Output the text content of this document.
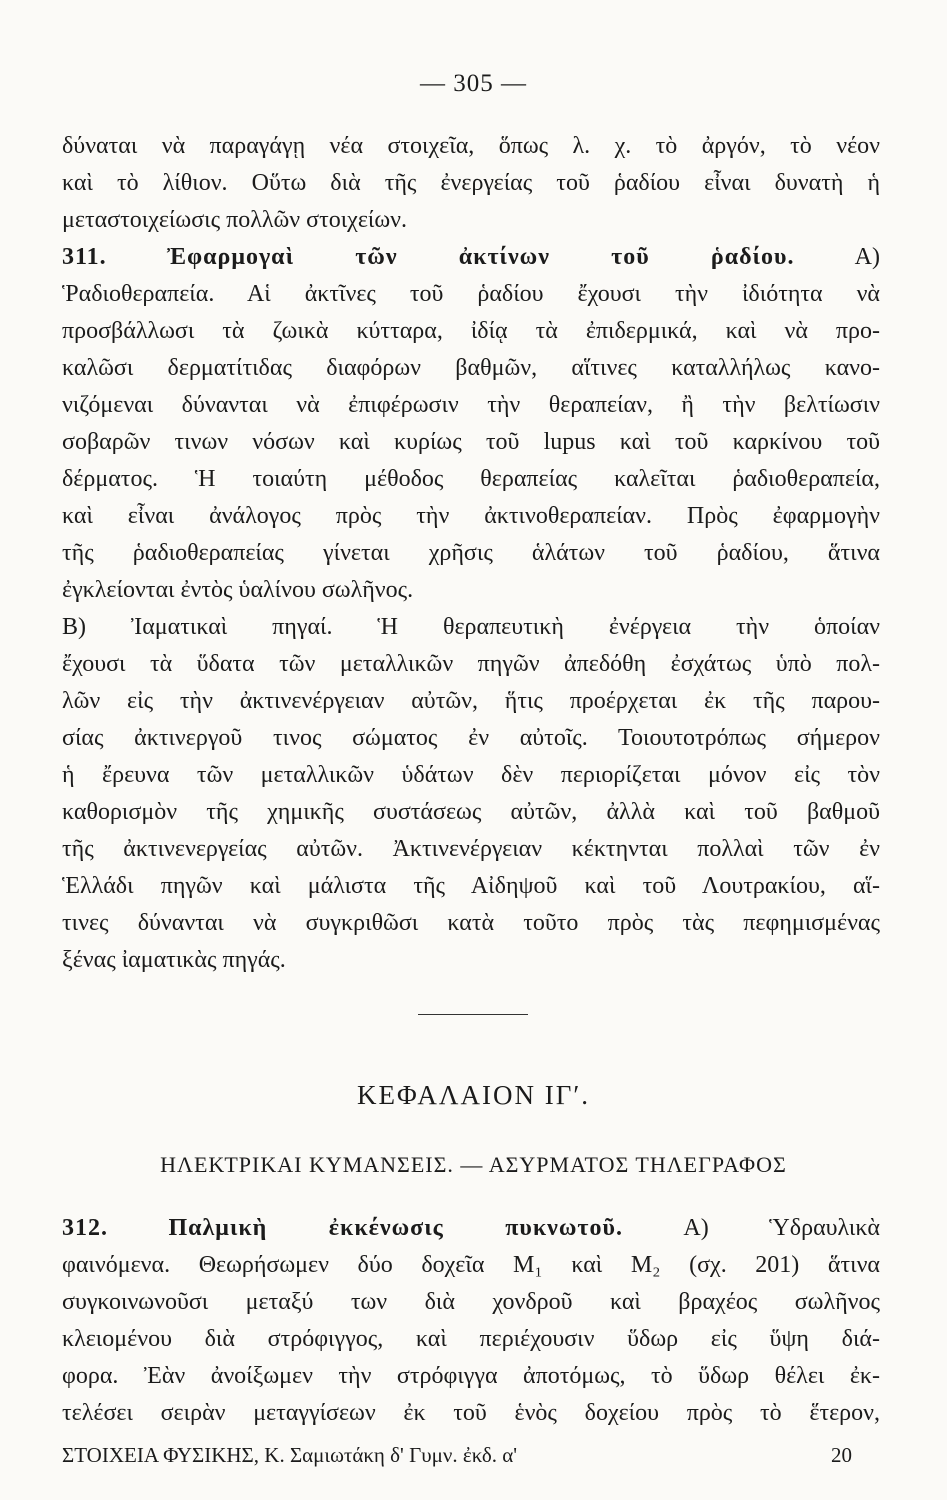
— 305 —
δύναται νὰ παραγάγῃ νέα στοιχεῖα, ὅπως λ. χ. τὸ ἀργόν, τὸ νέον
καὶ τὸ λίθιον. Οὕτω διὰ τῆς ἐνεργείας τοῦ ῥαδίου εἶναι δυνατὴ ἡ
μεταστοιχείωσις πολλῶν στοιχείων.
311.	Ἐφαρμογαὶ τῶν ἀκτίνων τοῦ ῥαδίου.	A)
Ῥαδιοθεραπεία. Αἱ ἀκτῖνες τοῦ ῥαδίου ἔχουσι τὴν ἰδιότητα νὰ
προσβάλλωσι τὰ ζωικὰ κύτταρα, ἰδίᾳ τὰ ἐπιδερμικά, καὶ νὰ προ-
καλῶσι δερματίτιδας διαφόρων βαθμῶν, αἵτινες καταλλήλως κανο-
νιζόμεναι δύνανται νὰ ἐπιφέρωσιν τὴν θεραπείαν, ἢ τὴν βελτίωσιν
σοβαρῶν τινων νόσων καὶ κυρίως τοῦ lupus καὶ τοῦ καρκίνου τοῦ
δέρματος. Ἡ τοιαύτη μέθοδος θεραπείας καλεῖται ῥαδιοθεραπεία,
καὶ εἶναι ἀνάλογος πρὸς τὴν ἀκτινοθεραπείαν. Πρὸς ἐφαρμογὴν
τῆς ῥαδιοθεραπείας γίνεται χρῆσις ἁλάτων τοῦ ῥαδίου, ἅτινα
ἐγκλείονται ἐντὸς ὑαλίνου σωλῆνος.
Β) Ἰαματικαὶ πηγαί. Ἡ θεραπευτικὴ ἐνέργεια τὴν ὁποίαν
ἔχουσι τὰ ὕδατα τῶν μεταλλικῶν πηγῶν ἀπεδόθη ἐσχάτως ὑπὸ πολ-
λῶν εἰς τὴν ἀκτινενέργειαν αὐτῶν, ἥτις προέρχεται ἐκ τῆς παρου-
σίας ἀκτινεργοῦ τινος σώματος ἐν αὐτοῖς. Τοιουτοτρόπως σήμερον
ἡ ἔρευνα τῶν μεταλλικῶν ὑδάτων δὲν περιορίζεται μόνον εἰς τὸν
καθορισμὸν τῆς χημικῆς συστάσεως αὐτῶν, ἀλλὰ καὶ τοῦ βαθμοῦ
τῆς ἀκτινενεργείας αὐτῶν. Ἀκτινενέργειαν κέκτηνται πολλαὶ τῶν ἐν
Ἑλλάδι πηγῶν καὶ μάλιστα τῆς Αἰδηψοῦ καὶ τοῦ Λουτρακίου, αἵ-
τινες δύνανται νὰ συγκριθῶσι κατὰ τοῦτο πρὸς τὰς πεφημισμένας
ξένας ἰαματικὰς πηγάς.
ΚΕΦΑΛΑΙΟΝ ΙΓʹ.
ΗΛΕΚΤΡΙΚΑΙ ΚΥΜΑΝΣΕΙΣ. — ΑΣΥΡΜΑΤΟΣ ΤΗΛΕΓΡΑΦΟΣ
312.	Παλμικὴ ἐκκένωσις πυκνωτοῦ.	A) Ὑδραυλικὰ
φαινόμενα. Θεωρήσωμεν δύο δοχεῖα Μ₁ καὶ Μ₂ (σχ. 201) ἅτινα
συγκοινωνοῦσι μεταξύ των διὰ χονδροῦ καὶ βραχέος σωλῆνος
κλειομένου διὰ στρόφιγγος, καὶ περιέχουσιν ὕδωρ εἰς ὕψη διά-
φορα. Ἐὰν ἀνοίξωμεν τὴν στρόφιγγα ἀποτόμως, τὸ ὕδωρ θέλει ἐκ-
τελέσει σειρὰν μεταγγίσεων ἐκ τοῦ ἑνὸς δοχείου πρὸς τὸ ἕτερον,
ΣΤΟΙΧΕΙΑ ΦΥΣΙΚΗΣ, Κ. Σαμιωτάκη δ' Γυμν. ἐκδ. α'	20
